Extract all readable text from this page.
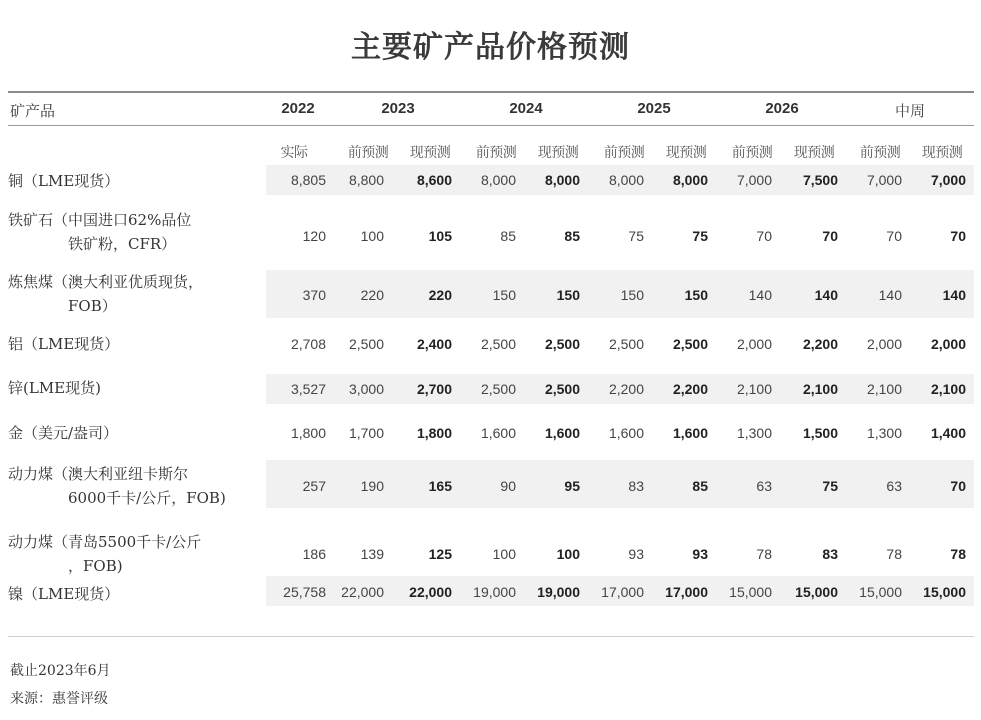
主要矿产品价格预测
矿产品	2022	2023	2024	2025	2026	中周
实际	前预测	现预测	前预测	现预测	前预测	现预测	前预测	现预测	前预测	现预测
铜（LME现货）	8,805	8,800	8,600	8,000	8,000	8,000	8,000	7,000	7,500	7,000	7,000
铁矿石（中国进口62%品位
铁矿粉，CFR）	120	100	105	85	85	75	75	70	70	70	70
炼焦煤（澳大利亚优质现货，
FOB）
370	220	220	150	150	150	150	140	140	140	140
铝（LME现货）	2,708	2,500	2,400	2,500	2,500	2,500	2,500	2,000	2,200	2,000	2,000
锌(LME现货)	3,527	3,000	2,700	2,500	2,500	2,200	2,200	2,100	2,100	2,100	2,100
金（美元/盎司）	1,800	1,700	1,800	1,600	1,600	1,600	1,600	1,300	1,500	1,300	1,400
动力煤（澳大利亚纽卡斯尔
6000千卡/公斤，FOB)
257	190	165	90	95	83	85	63	75	63	70
动力煤（青岛5500千卡/公斤
，FOB)
186	139	125	100	100	93	93	78	83	78	78
镍（LME现货）	25,758	22,000	22,000	19,000	19,000	17,000	17,000	15,000	15,000	15,000	15,000
截止2023年6月
来源：惠誉评级
